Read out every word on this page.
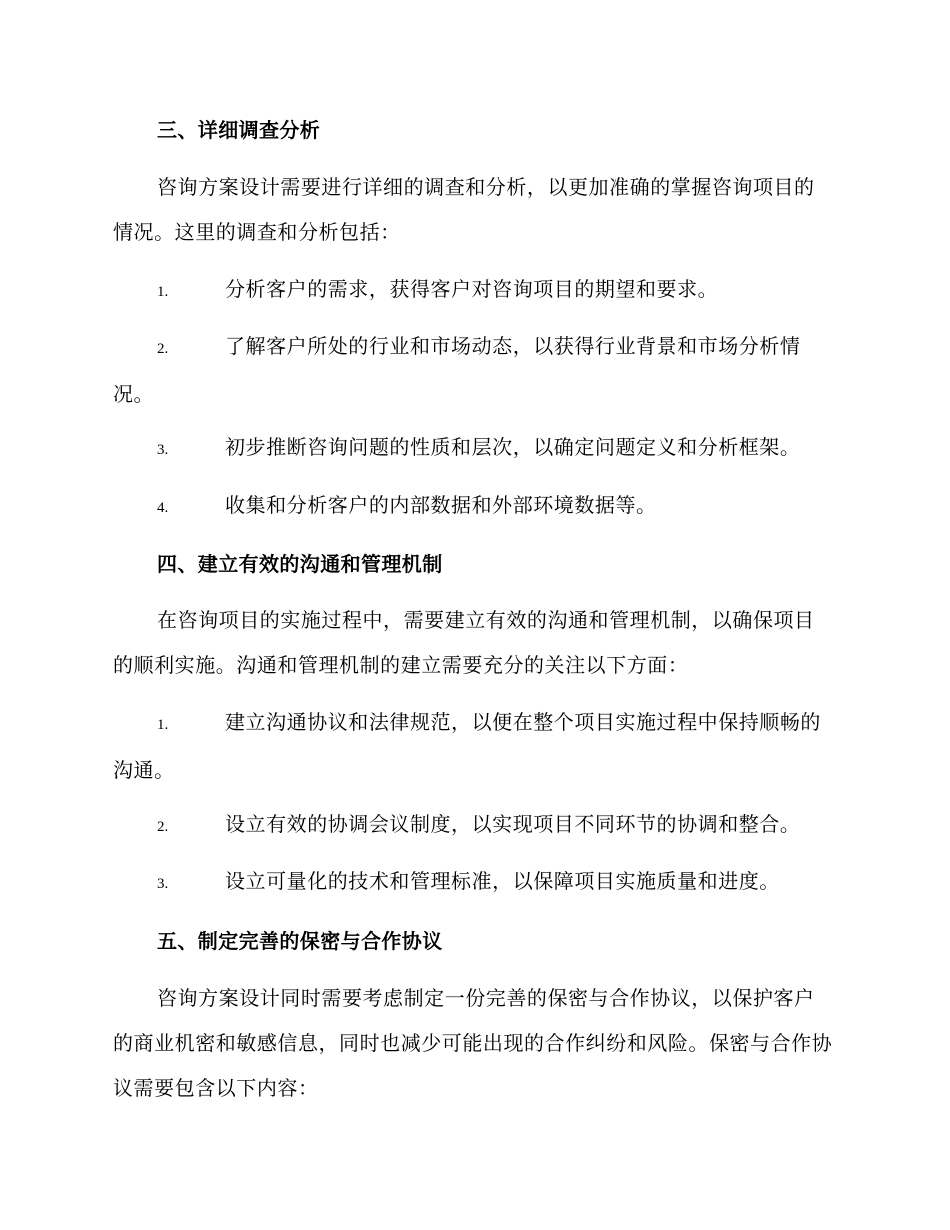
三、详细调查分析

咨询方案设计需要进行详细的调查和分析，以更加准确的掌握咨询项目的情况。这里的调查和分析包括：

1.	分析客户的需求，获得客户对咨询项目的期望和要求。

2.	了解客户所处的行业和市场动态，以获得行业背景和市场分析情况。

3.	初步推断咨询问题的性质和层次，以确定问题定义和分析框架。

4.	收集和分析客户的内部数据和外部环境数据等。

四、建立有效的沟通和管理机制

在咨询项目的实施过程中，需要建立有效的沟通和管理机制，以确保项目的顺利实施。沟通和管理机制的建立需要充分的关注以下方面：

1.	建立沟通协议和法律规范，以便在整个项目实施过程中保持顺畅的沟通。

2.	设立有效的协调会议制度，以实现项目不同环节的协调和整合。

3.	设立可量化的技术和管理标准，以保障项目实施质量和进度。

五、制定完善的保密与合作协议

咨询方案设计同时需要考虑制定一份完善的保密与合作协议，以保护客户的商业机密和敏感信息，同时也减少可能出现的合作纠纷和风险。保密与合作协议需要包含以下内容：
